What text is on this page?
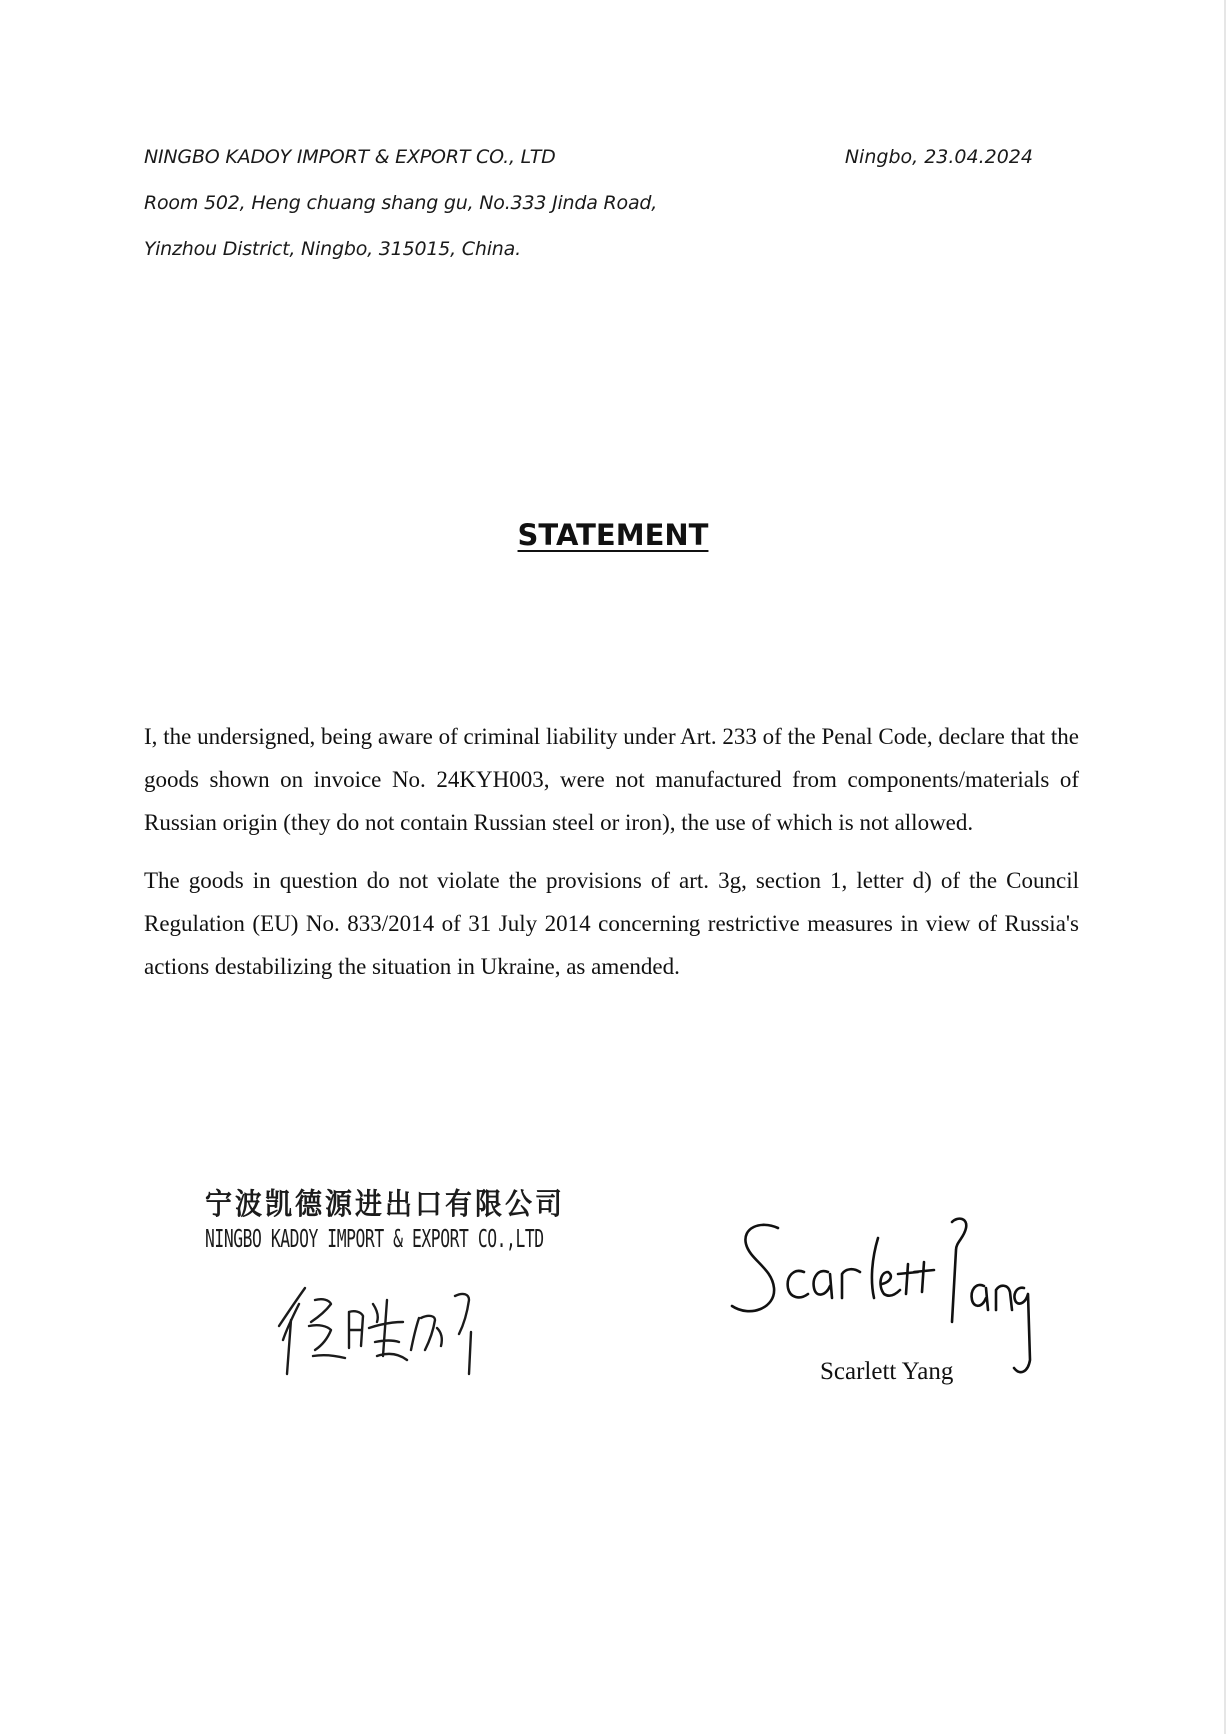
NINGBO KADOY IMPORT & EXPORT CO., LTD	Ningbo, 23.04.2024
Room 502, Heng chuang shang gu, No.333 Jinda Road,
Yinzhou District, Ningbo, 315015, China.
STATEMENT

I, the undersigned, being aware of criminal liability under Art. 233 of the Penal Code, declare that the goods shown on invoice No. 24KYH003, were not manufactured from components/materials of Russian origin (they do not contain Russian steel or iron), the use of which is not allowed.

The goods in question do not violate the provisions of art. 3g, section 1, letter d) of the Council Regulation (EU) No. 833/2014 of 31 July 2014 concerning restrictive measures in view of Russia's actions destabilizing the situation in Ukraine, as amended.

宁波凯德源进出口有限公司
NINGBO KADOY IMPORT & EXPORT CO.,LTD
Scarlett Yang
